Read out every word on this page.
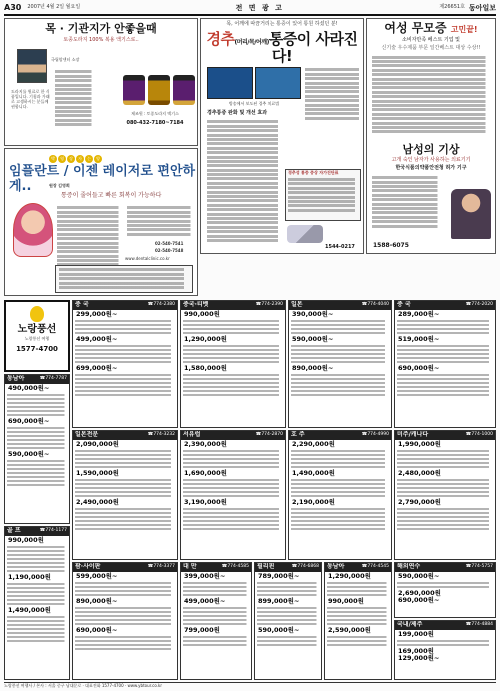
A30 2007년 4월 2일 월요일	전 면 광 고	제26651호 동아일보
목 · 기관지가 안좋을때
토종도라지 100% 복용 액기스로..
국립암센터 소장
도라지를 원료로 한 식품입니다. 기침과 가래로 고생하시는 분들께 권합니다.
제조원 : 토종도라지 액기스
080-432-7180~7184
목, 어깨에 따끔거리는 통증이 있어 통원 하셨던 분!
경추(머리/목/어깨)통증이 사라진다!
방송에서 보도된 경추 치료법
경추통증 완화 및 개선 효과
경추성 통증 증상 자가진단표
1544-0217
여성 무모증 고민끝!
소비자만족 베스트 기업 및
신기술 우수제품 부문 일간베스트 대상 수상!!
남성의 기상
고개 숙인 남자가 사용하는 의료기기
한국식품의약품안전청 허가 기구
1588-6075
박	영	장	자	는	양
임플란트 / 이젠 레이저로 편안하게..	원장 김영희
통증이 줄어들고 빠른 회복이 가능하다
02-540-7541
02-540-7548
www.dentalclinic.co.kr
노랑풍선
노랑풍선 여행
1577-4700
중 국	☎774-2380
299,000원~
499,000원~
699,000원~
중국·티벳	☎774-2390
990,000원
1,290,000원
1,580,000원
일본	☎774-4040
390,000원~
590,000원~
890,000원~
중 국	☎774-2020
289,000원~
519,000원~
690,000원~
동남아	☎774-7787
490,000원~
690,000원~
590,000원~
일본전문	☎774-3232
2,090,000원
1,590,000원
2,490,000원
서유럽	☎774-2870
2,390,000원
1,690,000원
3,190,000원
호 주	☎774-4990
2,290,000원
1,490,000원
2,190,000원
미주/캐나다	☎774-1000
1,990,000원
2,480,000원
2,790,000원
골 프	☎774-1177
990,000원
1,190,000원
1,490,000원
괌·사이판	☎774-3377
599,000원~
890,000원~
690,000원~
대 만	☎774-4585
399,000원~
499,000원~
799,000원
필리핀	☎774-6868
789,000원~
899,000원~
590,000원~
동남아	☎774-4545
1,290,000원
990,000원
2,590,000원
해외연수	☎774-5757
590,000원~
2,690,000원
690,000원~
국내/제주	☎774-4884
199,000원
169,000원
129,000원~
노랑풍선 여행사 / 본사 : 서울 중구 남대문로 · 대표전화 1577-4700 · www.ybtour.co.kr
